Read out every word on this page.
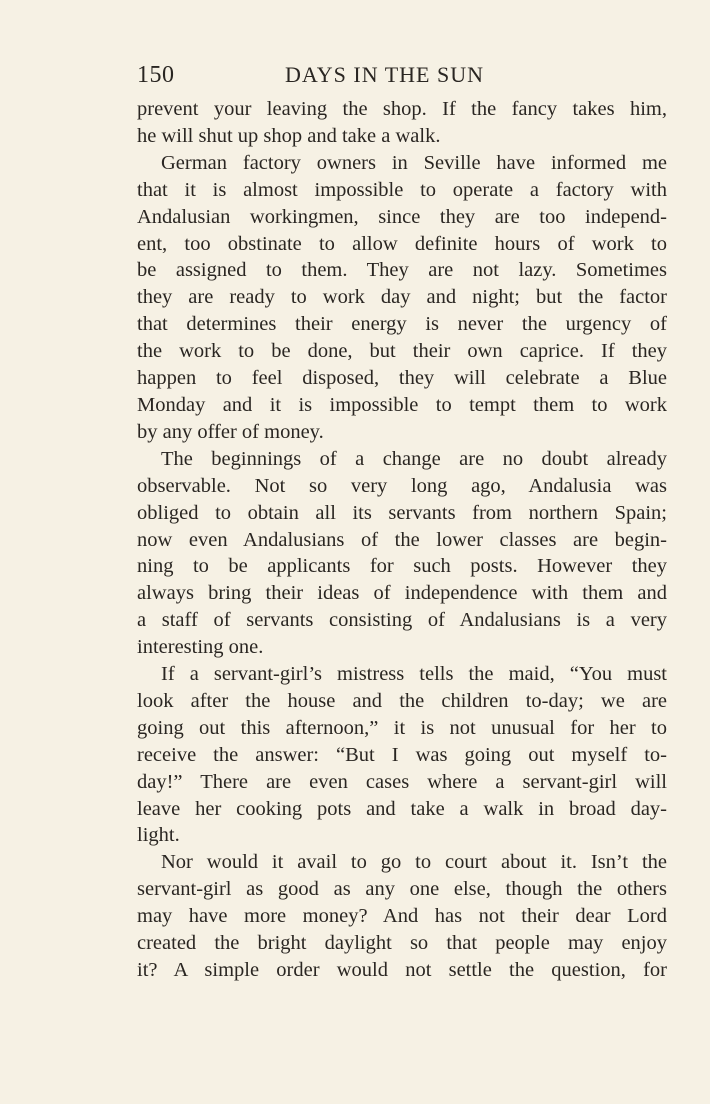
150	DAYS IN THE SUN

prevent your leaving the shop. If the fancy takes him,
he will shut up shop and take a walk.

German factory owners in Seville have informed me
that it is almost impossible to operate a factory with
Andalusian workingmen, since they are too independ-
ent, too obstinate to allow definite hours of work to
be assigned to them. They are not lazy. Sometimes
they are ready to work day and night; but the factor
that determines their energy is never the urgency of
the work to be done, but their own caprice. If they
happen to feel disposed, they will celebrate a Blue
Monday and it is impossible to tempt them to work
by any offer of money.

The beginnings of a change are no doubt already
observable. Not so very long ago, Andalusia was
obliged to obtain all its servants from northern Spain;
now even Andalusians of the lower classes are begin-
ning to be applicants for such posts. However they
always bring their ideas of independence with them and
a staff of servants consisting of Andalusians is a very
interesting one.

If a servant-girl’s mistress tells the maid, “You must
look after the house and the children to-day; we are
going out this afternoon,” it is not unusual for her to
receive the answer: “But I was going out myself to-
day!” There are even cases where a servant-girl will
leave her cooking pots and take a walk in broad day-
light.

Nor would it avail to go to court about it. Isn’t the
servant-girl as good as any one else, though the others
may have more money? And has not their dear Lord
created the bright daylight so that people may enjoy
it? A simple order would not settle the question, for
